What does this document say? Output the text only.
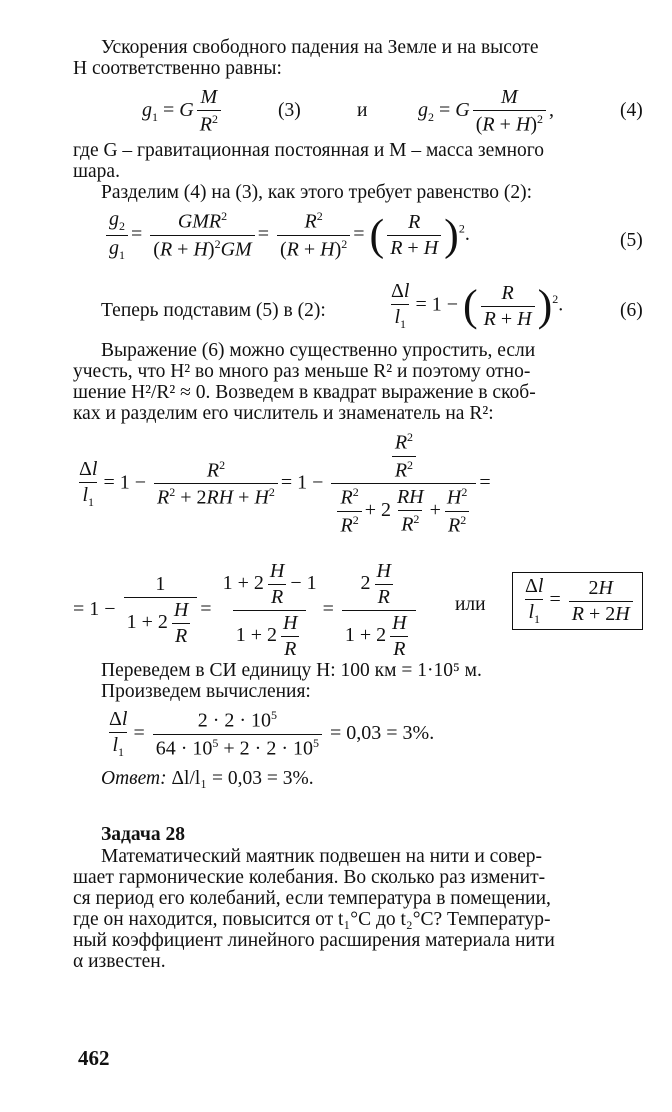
Ускорения свободного падения на Земле и на высоте
H соответственно равны:
$g_1 = G \frac{M}{R^2}$	(3)	и	$g_2 = G \frac{M}{(R + H)^2}$ ,	(4)
где G – гравитационная постоянная и M – масса земного
шара.
Разделим (4) на (3), как этого требует равенство (2):
$\frac{g_2}{g_1} = \frac{GMR^2}{(R + H)^2GM} = \frac{R^2}{(R + H)^2}$ = ( $\frac{R}{R + H} )^2$.	(5)
Теперь подставим (5) в (2):	$\frac{\Delta l}{l_1} = 1$ − ( $\frac{R}{R + H} )^2$.	(6)
Выражение (6) можно существенно упростить, если
учесть, что H² во много раз меньше R² и поэтому отно-
шение H²/R² ≈ 0. Возведем в квадрат выражение в скоб-
ках и разделим его числитель и знаменатель на R²:
$\frac{\Delta l}{l_1} = 1 - \frac{R^2}{R^2 + 2RH + H^2} = 1 - \frac{\frac{R^2}{R^2}}{\frac{R^2}{R^2} + 2 \frac{RH}{R^2} + \frac{H^2}{R^2}}$ =
= $1 - \frac{1}{1 + 2 \frac{H}{R}} = \frac{1 + 2 \frac{H}{R} - 1}{1 + 2 \frac{H}{R}} = \frac{2 \frac{H}{R}}{1 + 2 \frac{H}{R}}$ или $\frac{\Delta l}{l_1} = \frac{2H}{R + 2H}$
Переведем в СИ единицу H: 100 км = 1·10⁵ м.
Произведем вычисления:
$\frac{\Delta l}{l_1} = \frac{2 \cdot 2 \cdot 10^5}{64 \cdot 10^5 + 2 \cdot 2 \cdot 10^5} = 0,03 = 3\%$.
Ответ: Δl/l₁ = 0,03 = 3%.
Задача 28
Математический маятник подвешен на нити и совер-
шает гармонические колебания. Во сколько раз изменит-
ся период его колебаний, если температура в помещении,
где он находится, повысится от t₁°C до t₂°C? Температур-
ный коэффициент линейного расширения материала нити
α известен.
462
